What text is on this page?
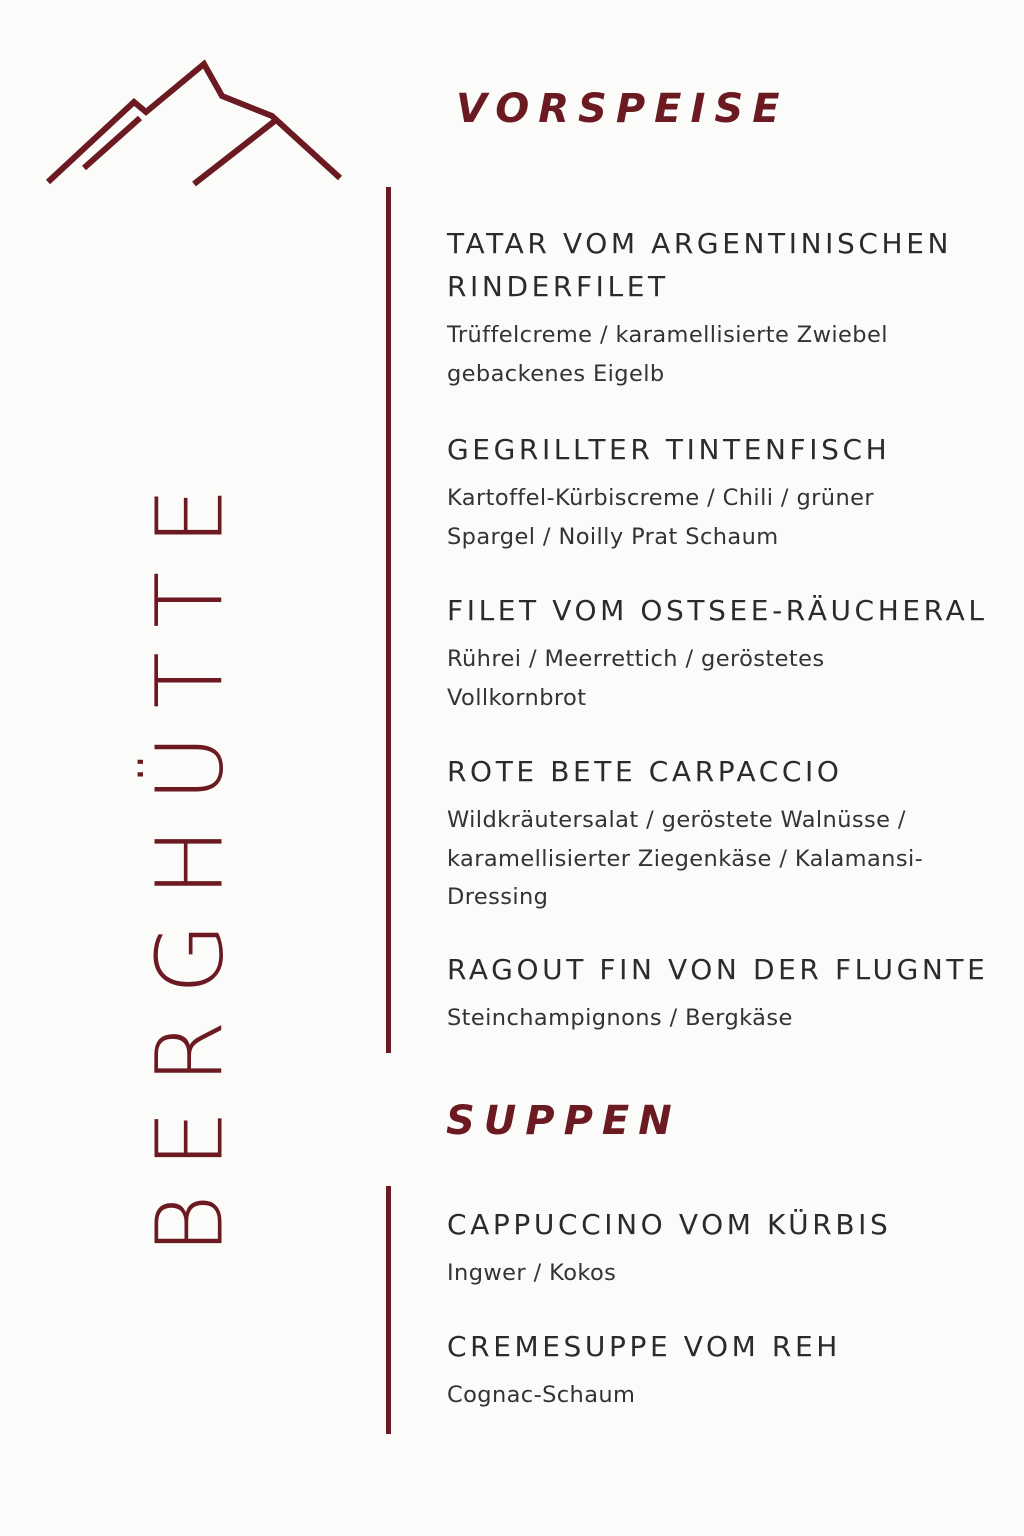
BERGHÜTTE
VORSPEISE
TATAR VOM ARGENTINISCHEN
RINDERFILET

Trüffelcreme / karamellisierte Zwiebel
gebackenes Eigelb

GEGRILLTER TINTENFISCH

Kartoffel-Kürbiscreme / Chili / grüner
Spargel / Noilly Prat Schaum

FILET VOM OSTSEE-RÄUCHERAL

Rührei / Meerrettich / geröstetes
Vollkornbrot

ROTE BETE CARPACCIO

Wildkräutersalat / geröstete Walnüsse /
karamellisierter Ziegenkäse / Kalamansi-
Dressing

RAGOUT FIN VON DER FLUGNTE

Steinchampignons / Bergkäse

SUPPEN
CAPPUCCINO VOM KÜRBIS

Ingwer / Kokos

CREMESUPPE VOM REH

Cognac-Schaum
